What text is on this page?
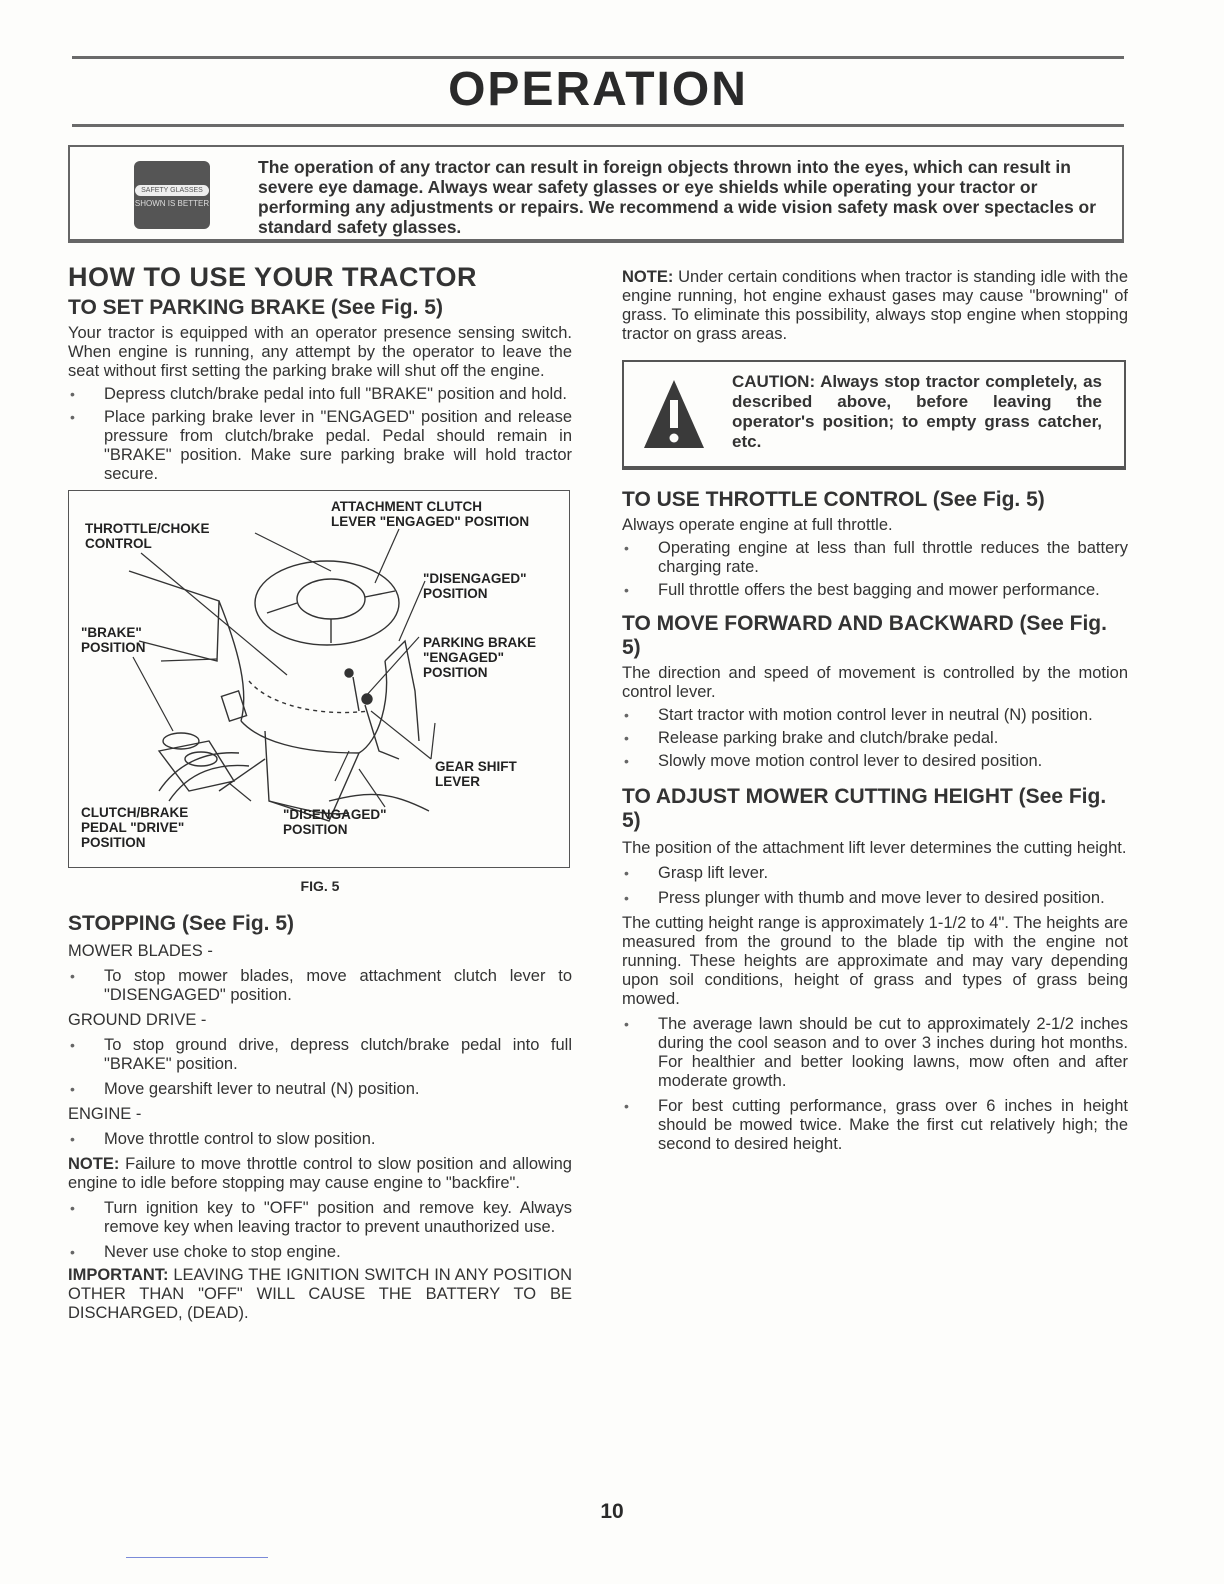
OPERATION
SAFETY GLASSES
SHOWN IS BETTER
The operation of any tractor can result in foreign objects thrown into the eyes, which can result in severe eye damage. Always wear safety glasses or eye shields while operating your tractor or performing any adjustments or repairs. We recommend a wide vision safety mask over spectacles or standard safety glasses.
HOW TO USE YOUR TRACTOR
TO SET PARKING BRAKE (See Fig. 5)

Your tractor is equipped with an operator presence sensing switch. When engine is running, any attempt by the operator to leave the seat without first setting the parking brake will shut off the engine.

• Depress clutch/brake pedal into full "BRAKE" position and hold.
• Place parking brake lever in "ENGAGED" position and release pressure from clutch/brake pedal. Pedal should remain in "BRAKE" position. Make sure parking brake will hold tractor secure.
ATTACHMENT CLUTCH
LEVER "ENGAGED" POSITION
THROTTLE/CHOKE
CONTROL
"DISENGAGED"
POSITION
"BRAKE"
POSITION	PARKING BRAKE
"ENGAGED"
POSITION
GEAR SHIFT
LEVER
CLUTCH/BRAKE
PEDAL "DRIVE"
POSITION
"DISENGAGED"
POSITION
FIG. 5
STOPPING (See Fig. 5)
MOWER BLADES -
• To stop mower blades, move attachment clutch lever to "DISENGAGED" position.
GROUND DRIVE -
• To stop ground drive, depress clutch/brake pedal into full "BRAKE" position.
• Move gearshift lever to neutral (N) position.
ENGINE -
• Move throttle control to slow position.

NOTE: Failure to move throttle control to slow position and allowing engine to idle before stopping may cause engine to "backfire".

• Turn ignition key to "OFF" position and remove key. Always remove key when leaving tractor to prevent unauthorized use.
• Never use choke to stop engine.

IMPORTANT: LEAVING THE IGNITION SWITCH IN ANY POSITION OTHER THAN "OFF" WILL CAUSE THE BATTERY TO BE DISCHARGED, (DEAD).

NOTE: Under certain conditions when tractor is standing idle with the engine running, hot engine exhaust gases may cause "browning" of grass. To eliminate this possibility, always stop engine when stopping tractor on grass areas.

CAUTION: Always stop tractor completely, as described above, before leaving the operator's position; to empty grass catcher, etc.
TO USE THROTTLE CONTROL (See Fig. 5)

Always operate engine at full throttle.

• Operating engine at less than full throttle reduces the battery charging rate.
• Full throttle offers the best bagging and mower performance.
TO MOVE FORWARD AND BACKWARD (See Fig. 5)

The direction and speed of movement is controlled by the motion control lever.

• Start tractor with motion control lever in neutral (N) position.
• Release parking brake and clutch/brake pedal.
• Slowly move motion control lever to desired position.
TO ADJUST MOWER CUTTING HEIGHT (See Fig. 5)

The position of the attachment lift lever determines the cutting height.

• Grasp lift lever.
• Press plunger with thumb and move lever to desired position.

The cutting height range is approximately 1-1/2 to 4". The heights are measured from the ground to the blade tip with the engine not running. These heights are approximate and may vary depending upon soil conditions, height of grass and types of grass being mowed.

• The average lawn should be cut to approximately 2-1/2 inches during the cool season and to over 3 inches during hot months. For healthier and better looking lawns, mow often and after moderate growth.
• For best cutting performance, grass over 6 inches in height should be mowed twice. Make the first cut relatively high; the second to desired height.
10
